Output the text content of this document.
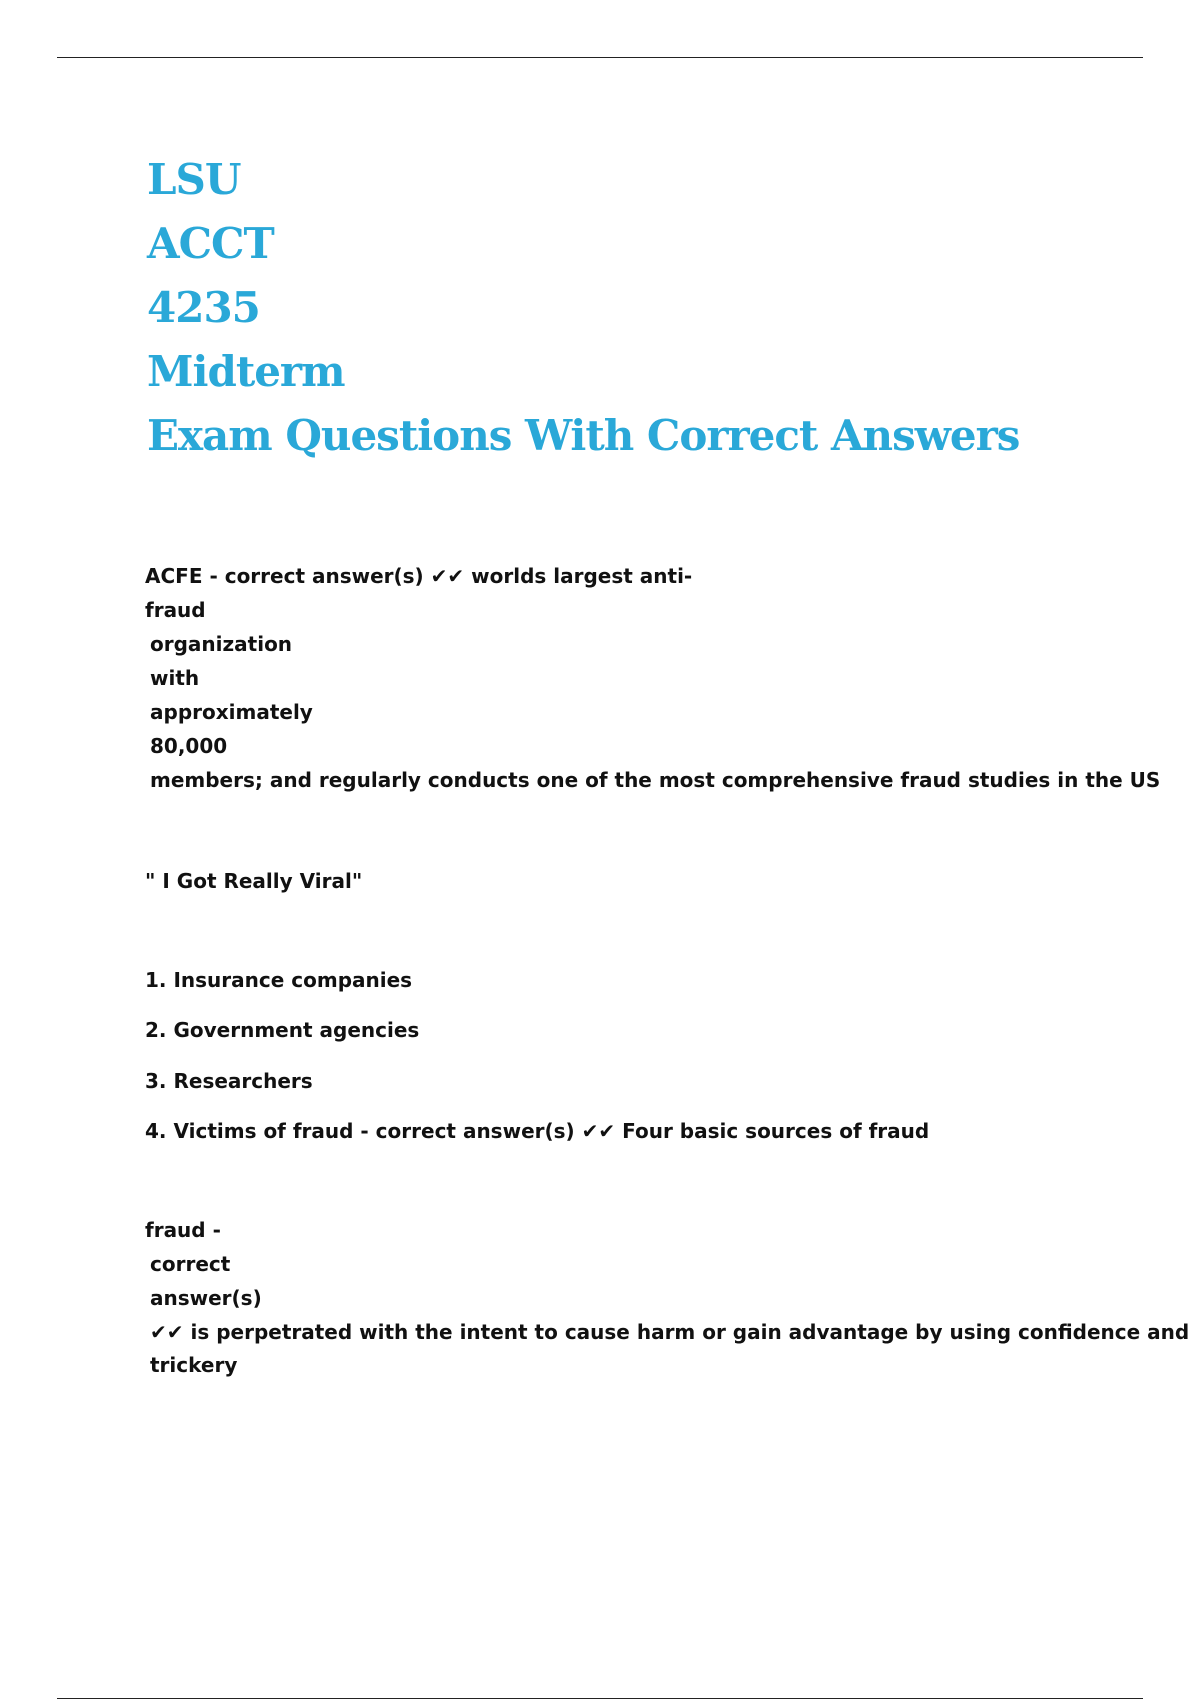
LSU
ACCT
4235
Midterm
Exam Questions With Correct Answers
ACFE - correct answer(s) ✔✔ worlds largest anti-
fraud
organization
with
approximately
80,000
members; and regularly conducts one of the most comprehensive fraud studies in the US
" I Got Really Viral"
1. Insurance companies
2. Government agencies
3. Researchers
4. Victims of fraud - correct answer(s) ✔✔ Four basic sources of fraud
fraud -
correct
answer(s)
✔✔ is perpetrated with the intent to cause harm or gain advantage by using confidence and
trickery
